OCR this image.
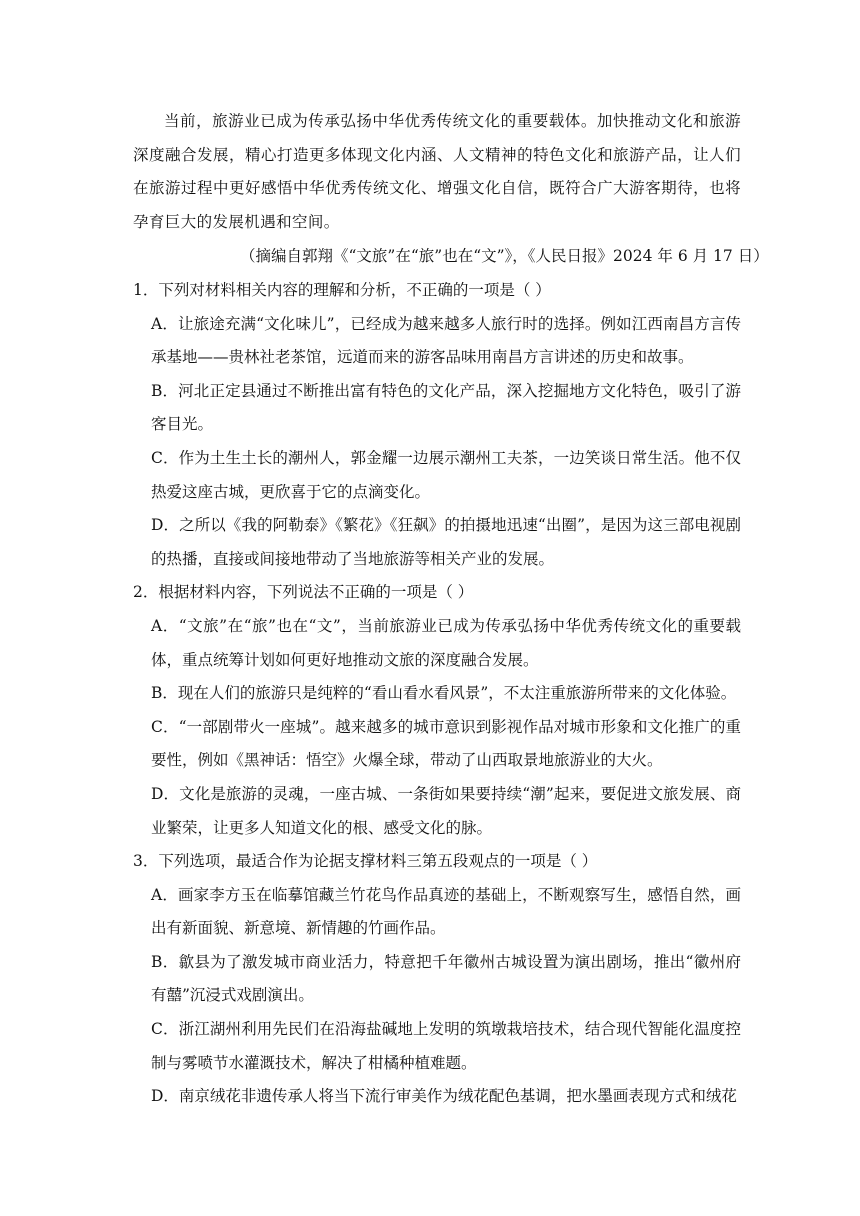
当前，旅游业已成为传承弘扬中华优秀传统文化的重要载体。加快推动文化和旅游深度融合发展，精心打造更多体现文化内涵、人文精神的特色文化和旅游产品，让人们在旅游过程中更好感悟中华优秀传统文化、增强文化自信，既符合广大游客期待，也将孕育巨大的发展机遇和空间。

（摘编自郭翔《“文旅”在“旅”也在“文”》，《人民日报》2024 年 6 月 17 日）

1．下列对材料相关内容的理解和分析，不正确的一项是（ ）

A．让旅途充满“文化味儿”，已经成为越来越多人旅行时的选择。例如江西南昌方言传承基地——贵林社老茶馆，远道而来的游客品味用南昌方言讲述的历史和故事。

B．河北正定县通过不断推出富有特色的文化产品，深入挖掘地方文化特色，吸引了游客目光。

C．作为土生土长的潮州人，郭金耀一边展示潮州工夫茶，一边笑谈日常生活。他不仅热爱这座古城，更欣喜于它的点滴变化。

D．之所以《我的阿勒泰》《繁花》《狂飙》的拍摄地迅速“出圈”，是因为这三部电视剧的热播，直接或间接地带动了当地旅游等相关产业的发展。

2．根据材料内容，下列说法不正确的一项是（ ）

A．“文旅”在“旅”也在“文”，当前旅游业已成为传承弘扬中华优秀传统文化的重要载体，重点统筹计划如何更好地推动文旅的深度融合发展。

B．现在人们的旅游只是纯粹的“看山看水看风景”，不太注重旅游所带来的文化体验。

C．“一部剧带火一座城”。越来越多的城市意识到影视作品对城市形象和文化推广的重要性，例如《黑神话：悟空》火爆全球，带动了山西取景地旅游业的大火。

D．文化是旅游的灵魂，一座古城、一条街如果要持续“潮”起来，要促进文旅发展、商业繁荣，让更多人知道文化的根、感受文化的脉。

3．下列选项，最适合作为论据支撑材料三第五段观点的一项是（ ）

A．画家李方玉在临摹馆藏兰竹花鸟作品真迹的基础上，不断观察写生，感悟自然，画出有新面貌、新意境、新情趣的竹画作品。

B．歙县为了激发城市商业活力，特意把千年徽州古城设置为演出剧场，推出“徽州府有囍”沉浸式戏剧演出。

C．浙江湖州利用先民们在沿海盐碱地上发明的筑墩栽培技术，结合现代智能化温度控制与雾喷节水灌溉技术，解决了柑橘种植难题。

D．南京绒花非遗传承人将当下流行审美作为绒花配色基调，把水墨画表现方式和绒花
